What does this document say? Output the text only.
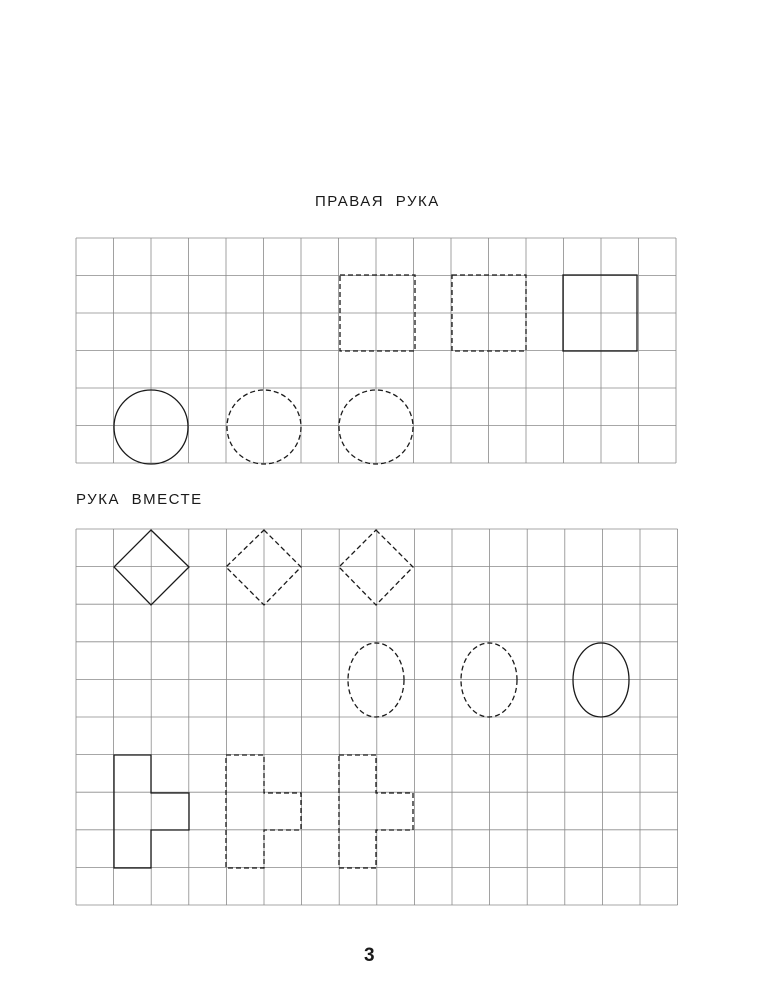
ПРАВАЯ РУКА
РУКА ВМЕСТЕ
3
